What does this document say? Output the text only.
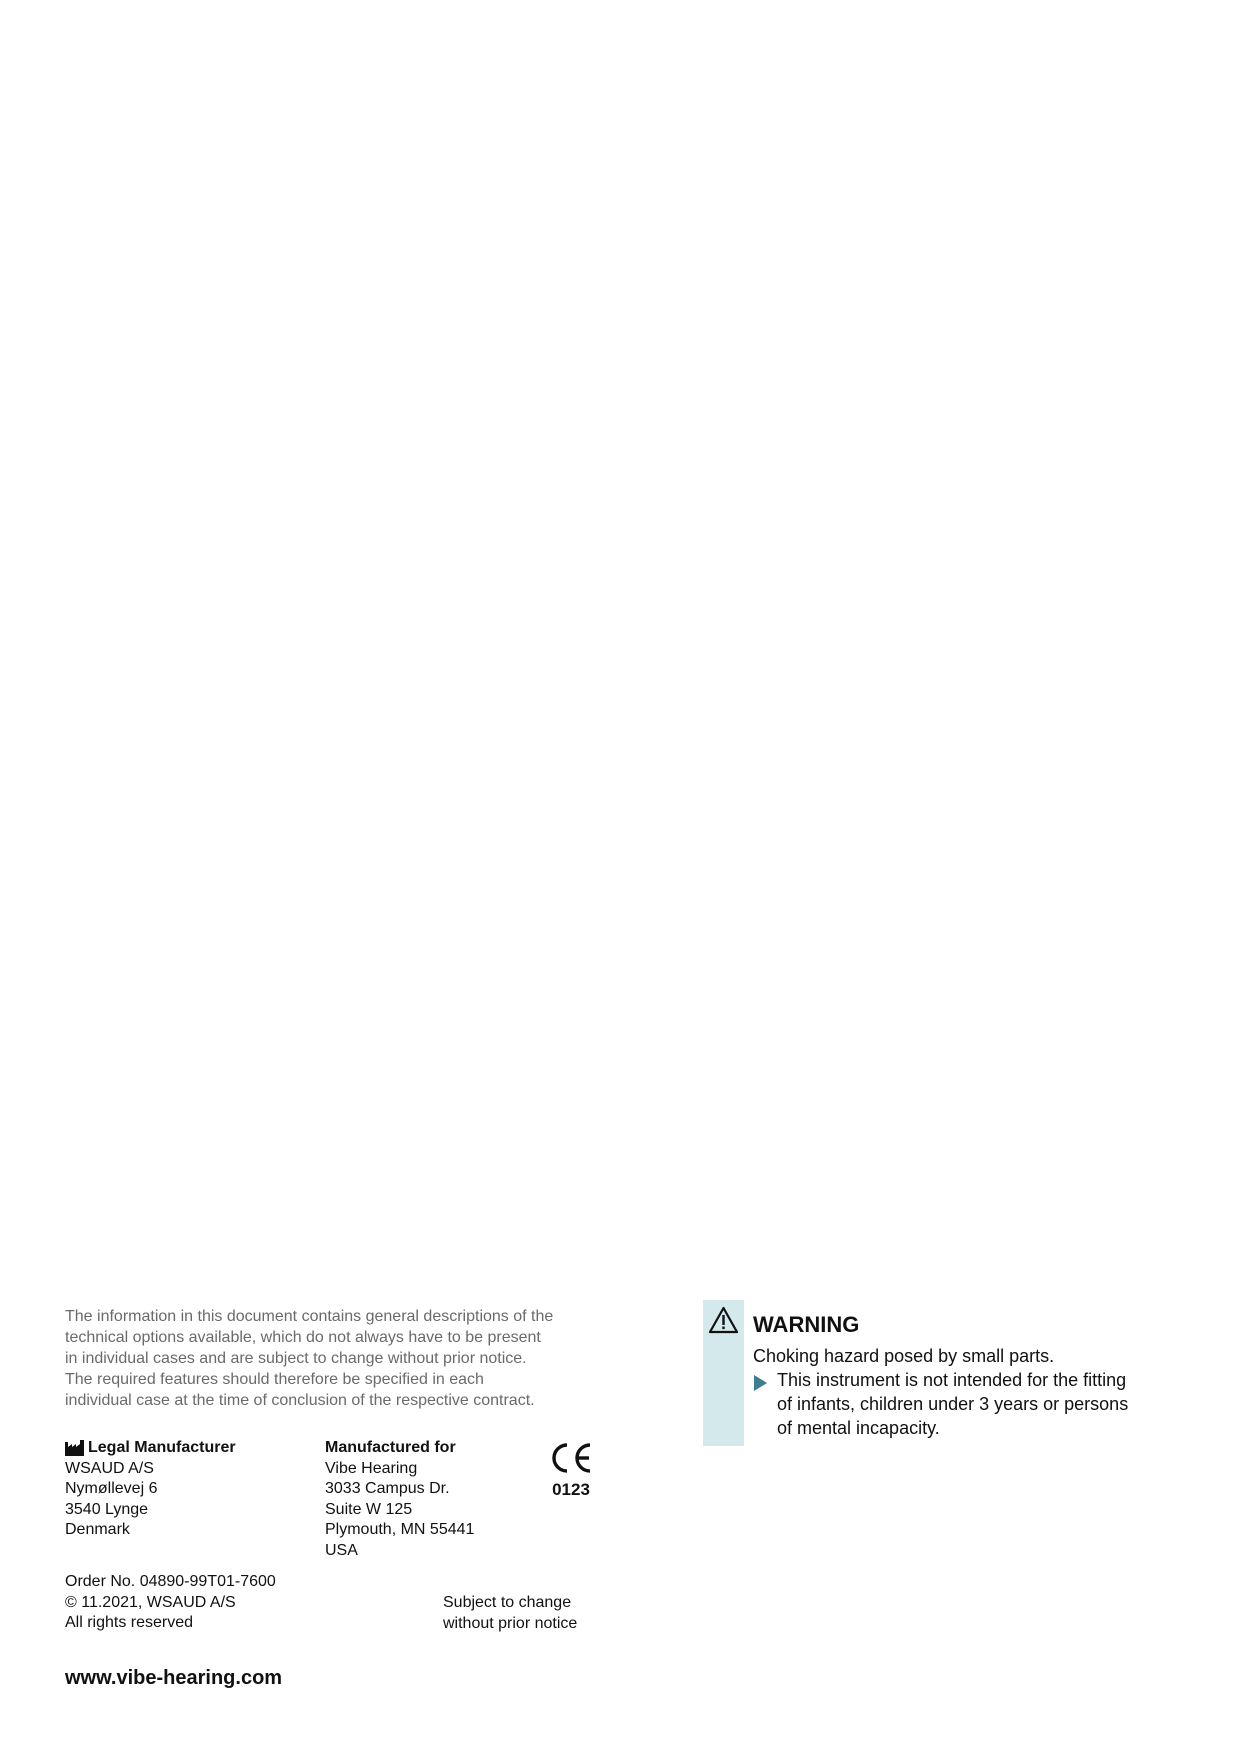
The information in this document contains general descriptions of the
technical options available, which do not always have to be present
in individual cases and are subject to change without prior notice.
The required features should therefore be specified in each
individual case at the time of conclusion of the respective contract.
Legal Manufacturer
WSAUD A/S
Nymøllevej 6
3540 Lynge
Denmark
Manufactured for
Vibe Hearing
3033 Campus Dr.
Suite W 125
Plymouth, MN 55441
USA
0123
Order No. 04890-99T01-7600
© 11.2021, WSAUD A/S
All rights reserved
Subject to change
without prior notice
www.vibe-hearing.com
WARNING
Choking hazard posed by small parts.
This instrument is not intended for the fitting
of infants, children under 3 years or persons
of mental incapacity.
